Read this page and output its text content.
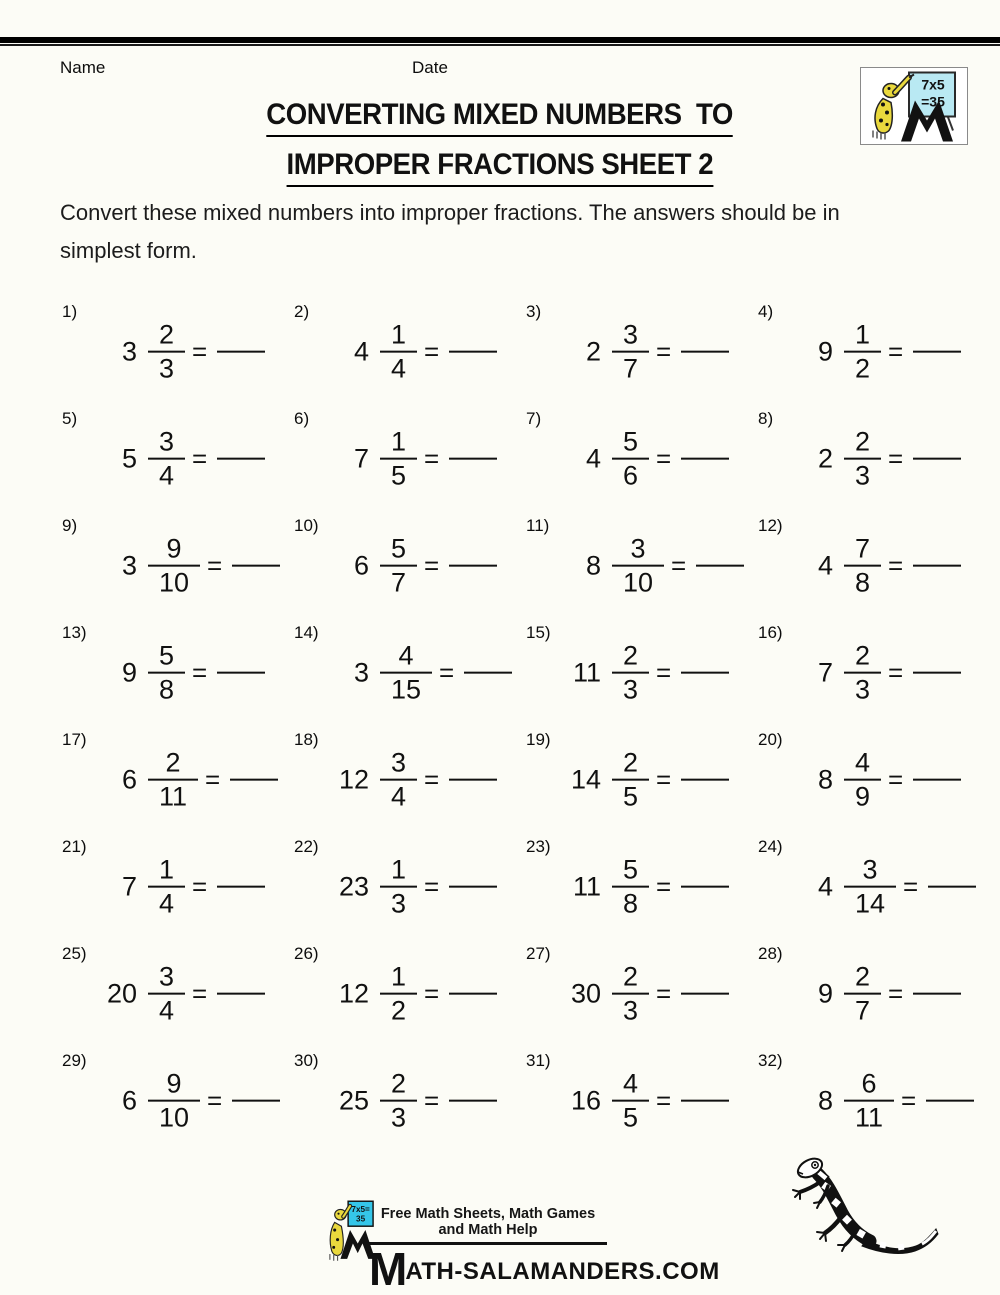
Name	Date
7x5
=35
CONVERTING MIXED NUMBERS  TO
IMPROPER FRACTIONS SHEET 2
Convert these mixed numbers into improper fractions. The answers should be in
simplest form.
1)
$3 \frac{2}{3}$ =
2)
$4 \frac{1}{4}$ =
3)
$2 \frac{3}{7}$ =
4)
$9 \frac{1}{2}$ =
5)
$5 \frac{3}{4}$ =
6)
$7 \frac{1}{5}$ =
7)
$4 \frac{5}{6}$ =
8)
$2 \frac{2}{3}$ =
9)
$3 \frac{9}{10}$ =
10)
$6 \frac{5}{7}$ =
11)
$8 \frac{3}{10}$ =
12)
$4 \frac{7}{8}$ =
13)
$9 \frac{5}{8}$ =
14)
$3 \frac{4}{15}$ =
15)
$11 \frac{2}{3}$ =
16)
$7 \frac{2}{3}$ =
17)
$6 \frac{2}{11}$ =
18)
$12 \frac{3}{4}$ =
19)
$14 \frac{2}{5}$ =
20)
$8 \frac{4}{9}$ =
21)
$7 \frac{1}{4}$ =
22)
$23 \frac{1}{3}$ =
23)
$11 \frac{5}{8}$ =
24)
$4 \frac{3}{14}$ =
25)
$20 \frac{3}{4}$ =
26)
$12 \frac{1}{2}$ =
27)
$30 \frac{2}{3}$ =
28)
$9 \frac{2}{7}$ =
29)
$6 \frac{9}{10}$ =
30)
$25 \frac{2}{3}$ =
31)
$16 \frac{4}{5}$ =
32)
$8 \frac{6}{11}$ =
7x5=
35	Free Math Sheets, Math Games and Math Help
MATH-SALAMANDERS.COM
